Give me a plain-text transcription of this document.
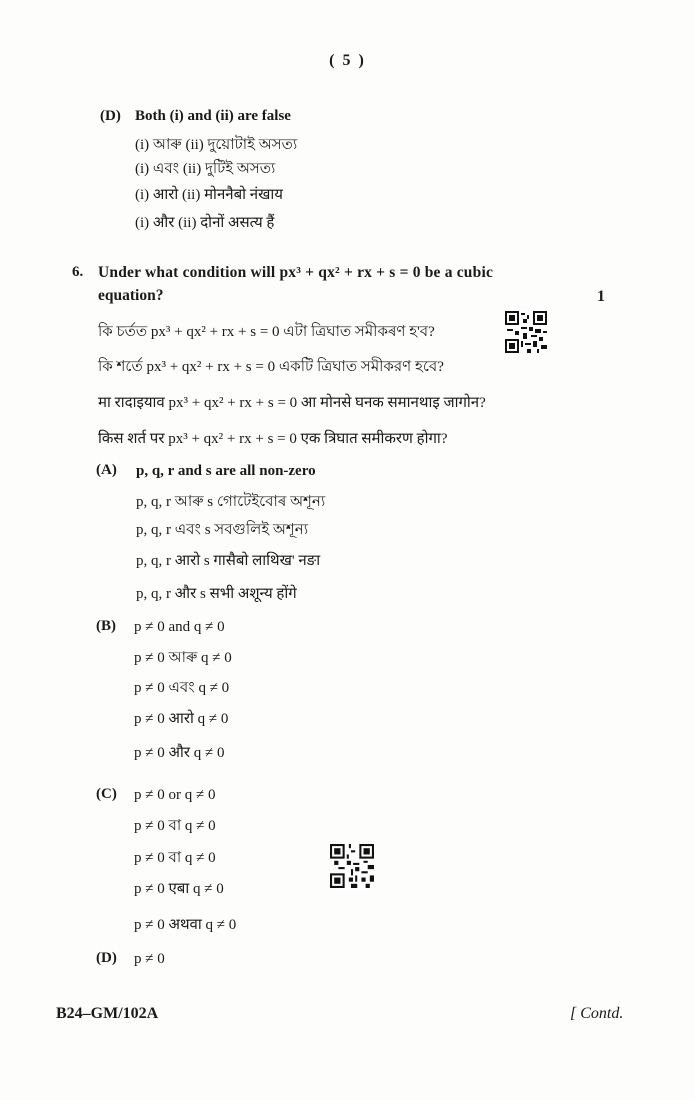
( 5 )
(D) Both (i) and (ii) are false
(i) আৰু (ii) দুয়োটাই অসত্য
(i) এবং (ii) দুটিই অসত্য
(i) आरो (ii) मोननैबो नंखाय
(i) और (ii) दोनों असत्य हैं
6. Under what condition will px³ + qx² + rx + s = 0 be a cubic
equation?	1
কি চৰ্তত px³ + qx² + rx + s = 0 এটা ত্ৰিঘাত সমীকৰণ হ'ব?
কি শর্তে px³ + qx² + rx + s = 0 একটি ত্রিঘাত সমীকরণ হবে?
मा रादाइयाव px³ + qx² + rx + s = 0 आ मोनसे घनक समानथाइ जागोन?
किस शर्त पर px³ + qx² + rx + s = 0 एक त्रिघात समीकरण होगा?
(A) p, q, r and s are all non-zero
p, q, r আৰু s গোটেইবোৰ অশূন্য
p, q, r এবং s সবগুলিই অশূন্য
p, q, r आरो s गासैबो लाथिख' नङा
p, q, r और s सभी अशून्य होंगे
(B) p ≠ 0 and q ≠ 0
p ≠ 0 আৰু q ≠ 0
p ≠ 0 এবং q ≠ 0
p ≠ 0 आरो q ≠ 0
p ≠ 0 और q ≠ 0
(C) p ≠ 0 or q ≠ 0
p ≠ 0 বা q ≠ 0
p ≠ 0 বা q ≠ 0
p ≠ 0 एबा q ≠ 0
p ≠ 0 अथवा q ≠ 0
(D) p ≠ 0
B24–GM/102A	[ Contd.
